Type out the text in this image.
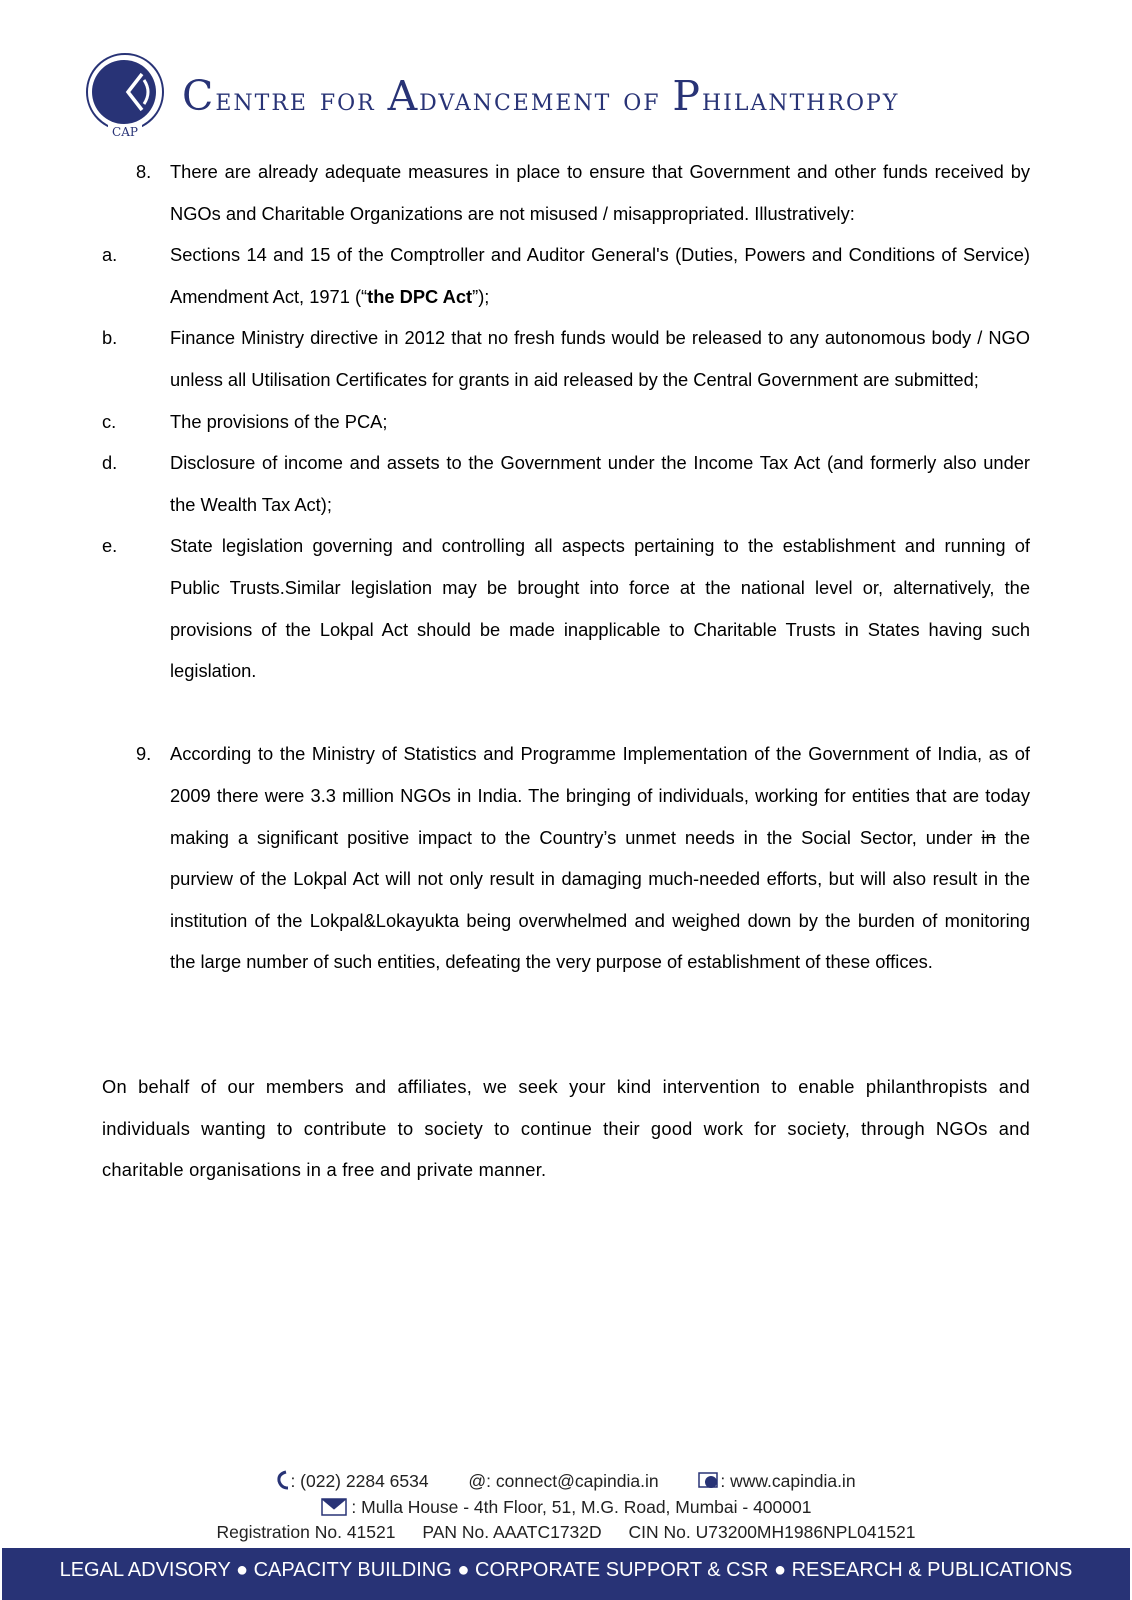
CAP
Centre for Advancement of Philanthropy
8.	There are already adequate measures in place to ensure that Government and other funds received by NGOs and Charitable Organizations are not misused / misappropriated. Illustratively:
a.	Sections 14 and 15 of the Comptroller and Auditor General's (Duties, Powers and Conditions of Service) Amendment Act, 1971 (“the DPC Act”);
b.	Finance Ministry directive in 2012 that no fresh funds would be released to any autonomous body / NGO unless all Utilisation Certificates for grants in aid released by the Central Government are submitted;
c.	The provisions of the PCA;
d.	Disclosure of income and assets to the Government under the Income Tax Act (and formerly also under the Wealth Tax Act);
e.	State legislation governing and controlling all aspects pertaining to the establishment and running of Public Trusts.Similar legislation may be brought into force at the national level or, alternatively, the provisions of the Lokpal Act should be made inapplicable to Charitable Trusts in States having such legislation.
9.	According to the Ministry of Statistics and Programme Implementation of the Government of India, as of 2009 there were 3.3 million NGOs in India. The bringing of individuals, working for entities that are today making a significant positive impact to the Country’s unmet needs in the Social Sector, under in the purview of the Lokpal Act will not only result in damaging much-needed efforts, but will also result in the institution of the Lokpal&Lokayukta being overwhelmed and weighed down by the burden of monitoring the large number of such entities, defeating the very purpose of establishment of these offices.
On behalf of our members and affiliates, we seek your kind intervention to enable philanthropists and individuals wanting to contribute to society to continue their good work for society, through NGOs and charitable organisations in a free and private manner.
: (022) 2284 6534 @: connect@capindia.in	: www.capindia.in
: Mulla House - 4th Floor, 51, M.G. Road, Mumbai - 400001
Registration No. 41521 PAN No. AAATC1732D CIN No. U73200MH1986NPL041521
LEGAL ADVISORY ● CAPACITY BUILDING ● CORPORATE SUPPORT & CSR ● RESEARCH & PUBLICATIONS
